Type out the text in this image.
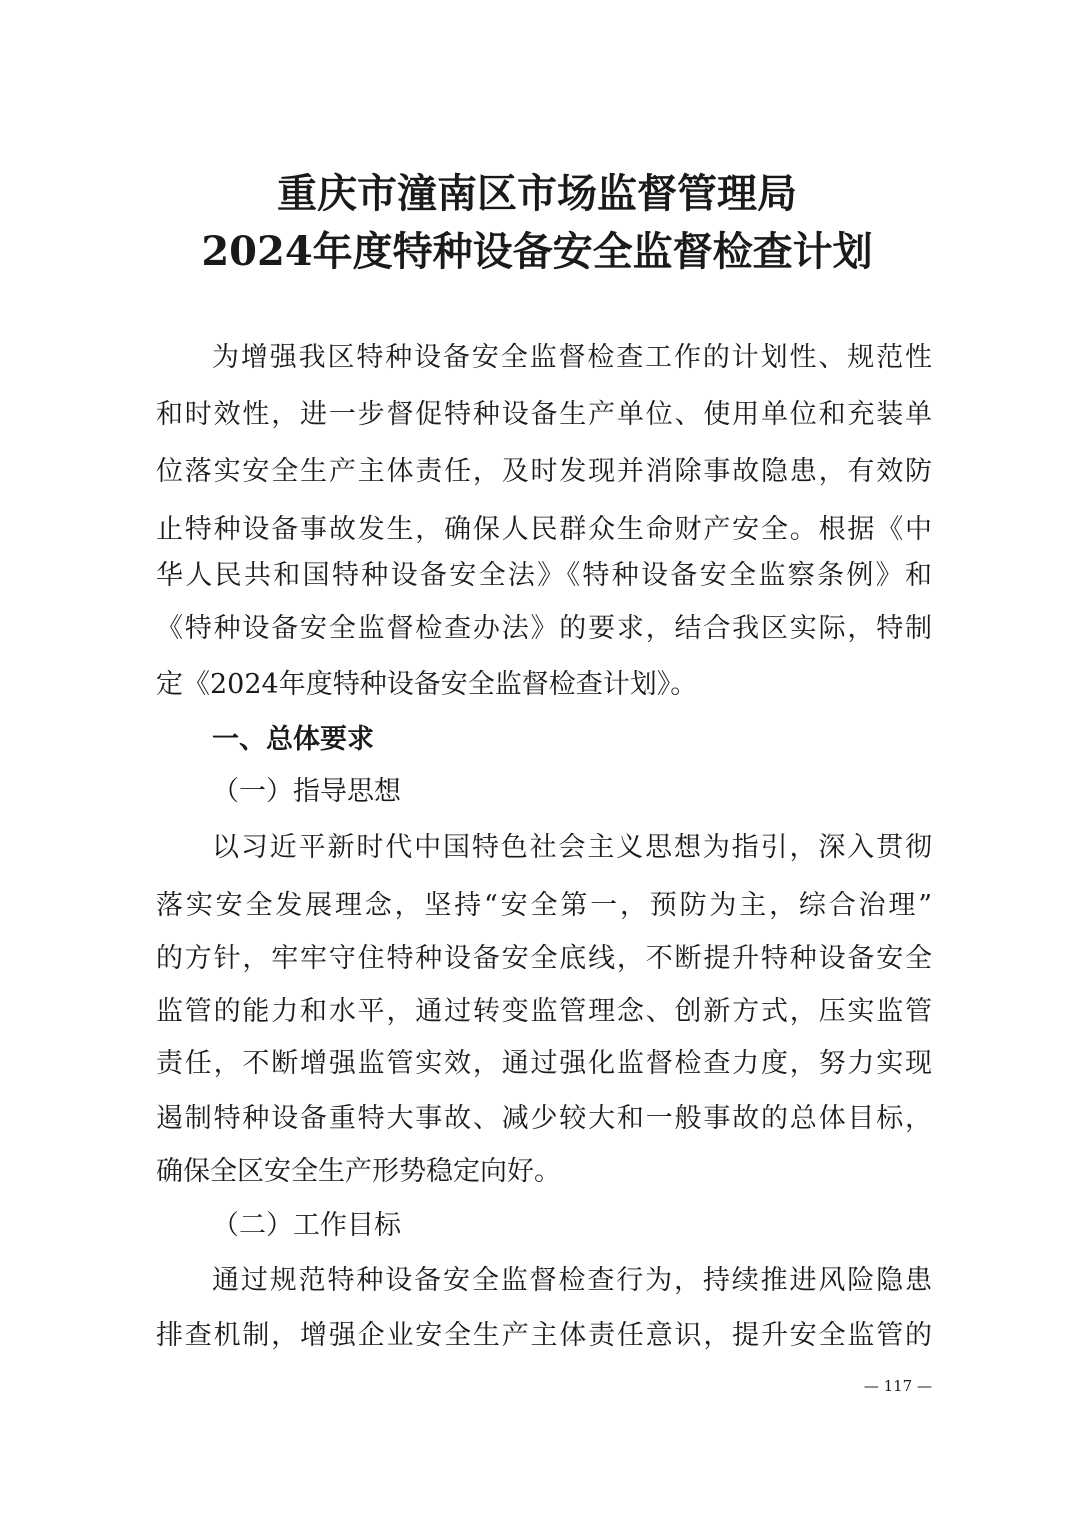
重庆市潼南区市场监督管理局
2024年度特种设备安全监督检查计划
为增强我区特种设备安全监督检查工作的计划性、规范性
和时效性，进一步督促特种设备生产单位、使用单位和充装单
位落实安全生产主体责任，及时发现并消除事故隐患，有效防
止特种设备事故发生，确保人民群众生命财产安全。根据《中
华人民共和国特种设备安全法》《特种设备安全监察条例》和
《特种设备安全监督检查办法》的要求，结合我区实际，特制
定《2024年度特种设备安全监督检查计划》。
一、总体要求
（一）指导思想
以习近平新时代中国特色社会主义思想为指引，深入贯彻
落实安全发展理念，坚持“安全第一，预防为主，综合治理”
的方针，牢牢守住特种设备安全底线，不断提升特种设备安全
监管的能力和水平，通过转变监管理念、创新方式，压实监管
责任，不断增强监管实效，通过强化监督检查力度，努力实现
遏制特种设备重特大事故、减少较大和一般事故的总体目标，
确保全区安全生产形势稳定向好。
（二）工作目标
通过规范特种设备安全监督检查行为，持续推进风险隐患
排查机制，增强企业安全生产主体责任意识，提升安全监管的
— 117 —
